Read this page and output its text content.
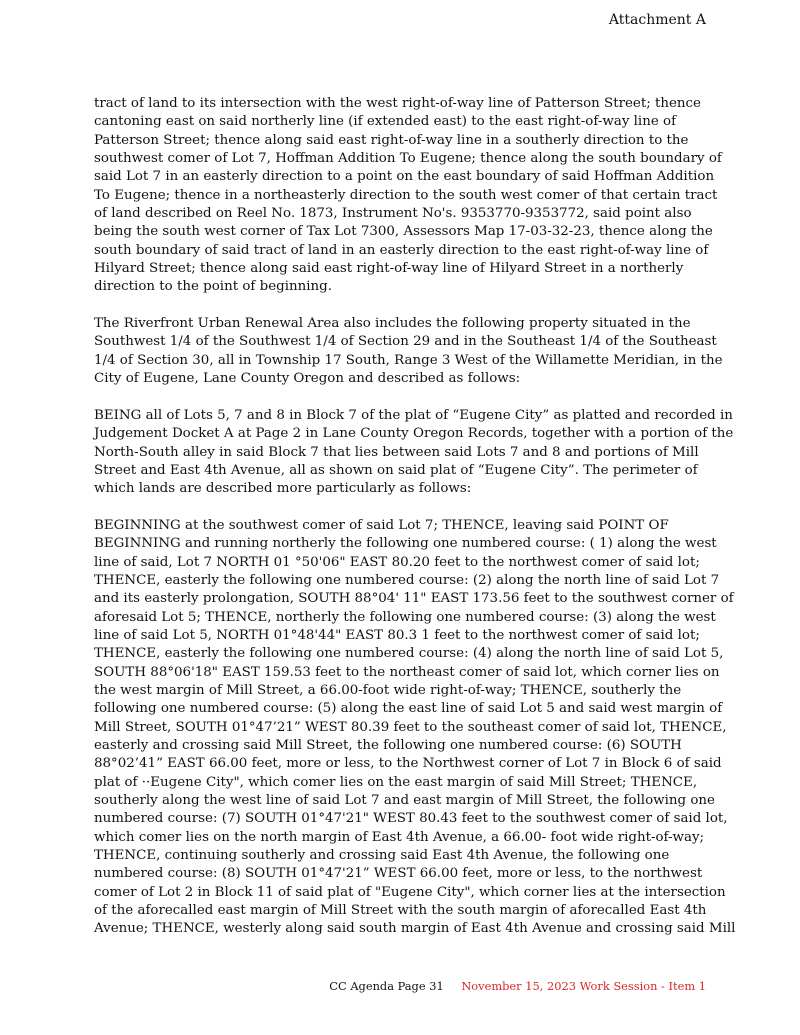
Attachment A

tract of land to its intersection with the west right-of-way line of Patterson Street; thence
cantoning east on said northerly line (if extended east) to the east right-of-way line of
Patterson Street; thence along said east right-of-way line in a southerly direction to the
southwest comer of Lot 7, Hoffman Addition To Eugene; thence along the south boundary of
said Lot 7 in an easterly direction to a point on the east boundary of said Hoffman Addition
To Eugene; thence in a northeasterly direction to the south west comer of that certain tract
of land described on Reel No. 1873, Instrument No's. 9353770-9353772, said point also
being the south west corner of Tax Lot 7300, Assessors Map 17-03-32-23, thence along the
south boundary of said tract of land in an easterly direction to the east right-of-way line of
Hilyard Street; thence along said east right-of-way line of Hilyard Street in a northerly
direction to the point of beginning.

The Riverfront Urban Renewal Area also includes the following property situated in the
Southwest 1/4 of the Southwest 1/4 of Section 29 and in the Southeast 1/4 of the Southeast
1/4 of Section 30, all in Township 17 South, Range 3 West of the Willamette Meridian, in the
City of Eugene, Lane County Oregon and described as follows:

BEING all of Lots 5, 7 and 8 in Block 7 of the plat of “Eugene City” as platted and recorded in
Judgement Docket A at Page 2 in Lane County Oregon Records, together with a portion of the
North-South alley in said Block 7 that lies between said Lots 7 and 8 and portions of Mill
Street and East 4th Avenue, all as shown on said plat of “Eugene City”. The perimeter of
which lands are described more particularly as follows:

BEGINNING at the southwest comer of said Lot 7; THENCE, leaving said POINT OF
BEGINNING and running northerly the following one numbered course: ( 1) along the west
line of said, Lot 7 NORTH 01 °50'06" EAST 80.20 feet to the northwest comer of said lot;
THENCE, easterly the following one numbered course: (2) along the north line of said Lot 7
and its easterly prolongation, SOUTH 88°04' 11" EAST 173.56 feet to the southwest corner of
aforesaid Lot 5; THENCE, northerly the following one numbered course: (3) along the west
line of said Lot 5, NORTH 01°48'44" EAST 80.3 1 feet to the northwest comer of said lot;
THENCE, easterly the following one numbered course: (4) along the north line of said Lot 5,
SOUTH 88°06'18" EAST 159.53 feet to the northeast comer of said lot, which corner lies on
the west margin of Mill Street, a 66.00-foot wide right-of-way; THENCE, southerly the
following one numbered course: (5) along the east line of said Lot 5 and said west margin of
Mill Street, SOUTH 01°47’21” WEST 80.39 feet to the southeast comer of said lot, THENCE,
easterly and crossing said Mill Street, the following one numbered course: (6) SOUTH
88°02’41” EAST 66.00 feet, more or less, to the Northwest corner of Lot 7 in Block 6 of said
plat of ··Eugene City", which comer lies on the east margin of said Mill Street; THENCE,
southerly along the west line of said Lot 7 and east margin of Mill Street, the following one
numbered course: (7) SOUTH 01°47'21" WEST 80.43 feet to the southwest comer of said lot,
which comer lies on the north margin of East 4th Avenue, a 66.00- foot wide right-of-way;
THENCE, continuing southerly and crossing said East 4th Avenue, the following one
numbered course: (8) SOUTH 01°47'21” WEST 66.00 feet, more or less, to the northwest
comer of Lot 2 in Block 11 of said plat of "Eugene City", which corner lies at the intersection
of the aforecalled east margin of Mill Street with the south margin of aforecalled East 4th
Avenue; THENCE, westerly along said south margin of East 4th Avenue and crossing said Mill

CC Agenda Page 31 November 15, 2023 Work Session - Item 1
